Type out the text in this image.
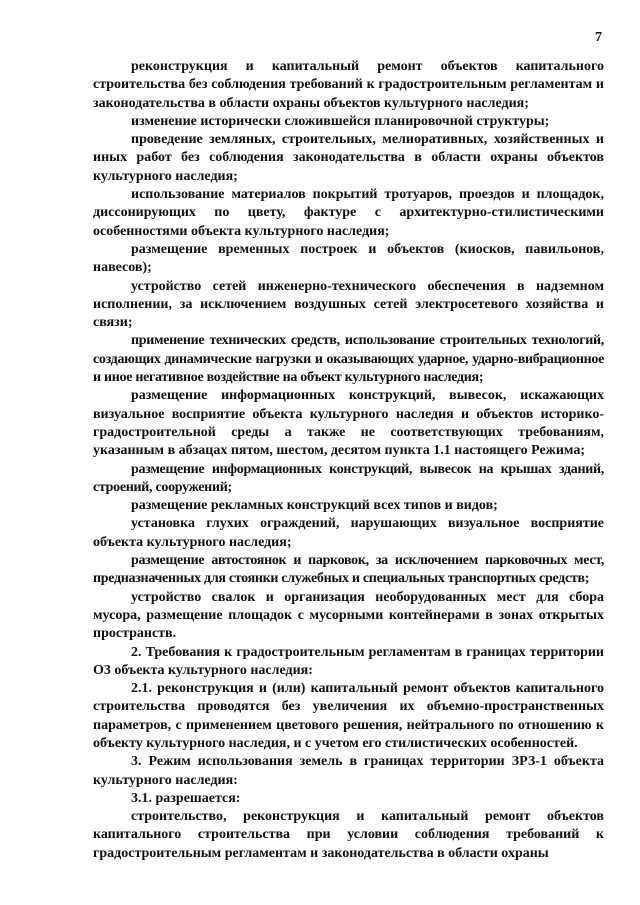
7

реконструкция и капитальный ремонт объектов капитального строительства без соблюдения требований к градостроительным регламентам и законодательства в области охраны объектов культурного наследия;

изменение исторически сложившейся планировочной структуры;

проведение земляных, строительных, мелиоративных, хозяйственных и иных работ без соблюдения законодательства в области охраны объектов культурного наследия;

использование материалов покрытий тротуаров, проездов и площадок, диссонирующих по цвету, фактуре с архитектурно-стилистическими особенностями объекта культурного наследия;

размещение временных построек и объектов (киосков, павильонов, навесов);

устройство сетей инженерно-технического обеспечения в надземном исполнении, за исключением воздушных сетей электросетевого хозяйства и связи;

применение технических средств, использование строительных технологий, создающих динамические нагрузки и оказывающих ударное, ударно-вибрационное и иное негативное воздействие на объект культурного наследия;

размещение информационных конструкций, вывесок, искажающих визуальное восприятие объекта культурного наследия и объектов историко-градостроительной среды а также не соответствующих требованиям, указанным в абзацах пятом, шестом, десятом пункта 1.1 настоящего Режима;

размещение информационных конструкций, вывесок на крышах зданий, строений, сооружений;

размещение рекламных конструкций всех типов и видов;

установка глухих ограждений, нарушающих визуальное восприятие объекта культурного наследия;

размещение автостоянок и парковок, за исключением парковочных мест, предназначенных для стоянки служебных и специальных транспортных средств;

устройство свалок и организация необорудованных мест для сбора мусора, размещение площадок с мусорными контейнерами в зонах открытых пространств.

2. Требования к градостроительным регламентам в границах территории О3 объекта культурного наследия:

2.1. реконструкция и (или) капитальный ремонт объектов капитального строительства проводятся без увеличения их объемно-пространственных параметров, с применением цветового решения, нейтрального по отношению к объекту культурного наследия, и с учетом его стилистических особенностей.

3. Режим использования земель в границах территории ЗРЗ-1 объекта культурного наследия:

3.1. разрешается:

строительство, реконструкция и капитальный ремонт объектов капитального строительства при условии соблюдения требований к градостроительным регламентам и законодательства в области охраны
